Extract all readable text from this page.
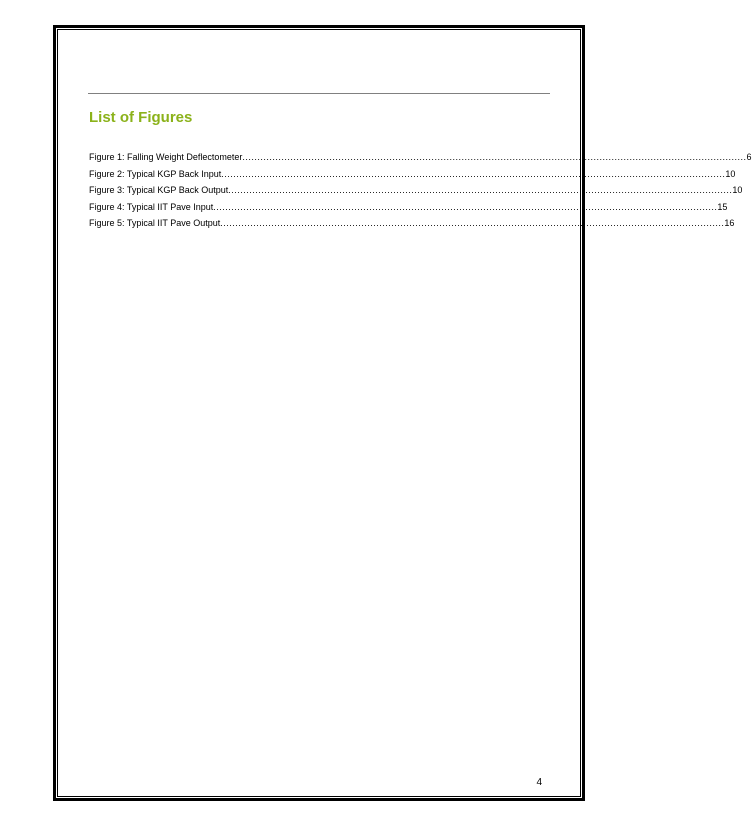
List of Figures
Figure 1: Falling Weight Deflectometer ........................................................................................................................................................................ 6
Figure 2: Typical KGP Back Input ........................................................................................................................................................................ 10
Figure 3: Typical KGP Back Output ........................................................................................................................................................................ 10
Figure 4: Typical IIT Pave Input ........................................................................................................................................................................ 15
Figure 5: Typical IIT Pave Output ........................................................................................................................................................................ 16
4
